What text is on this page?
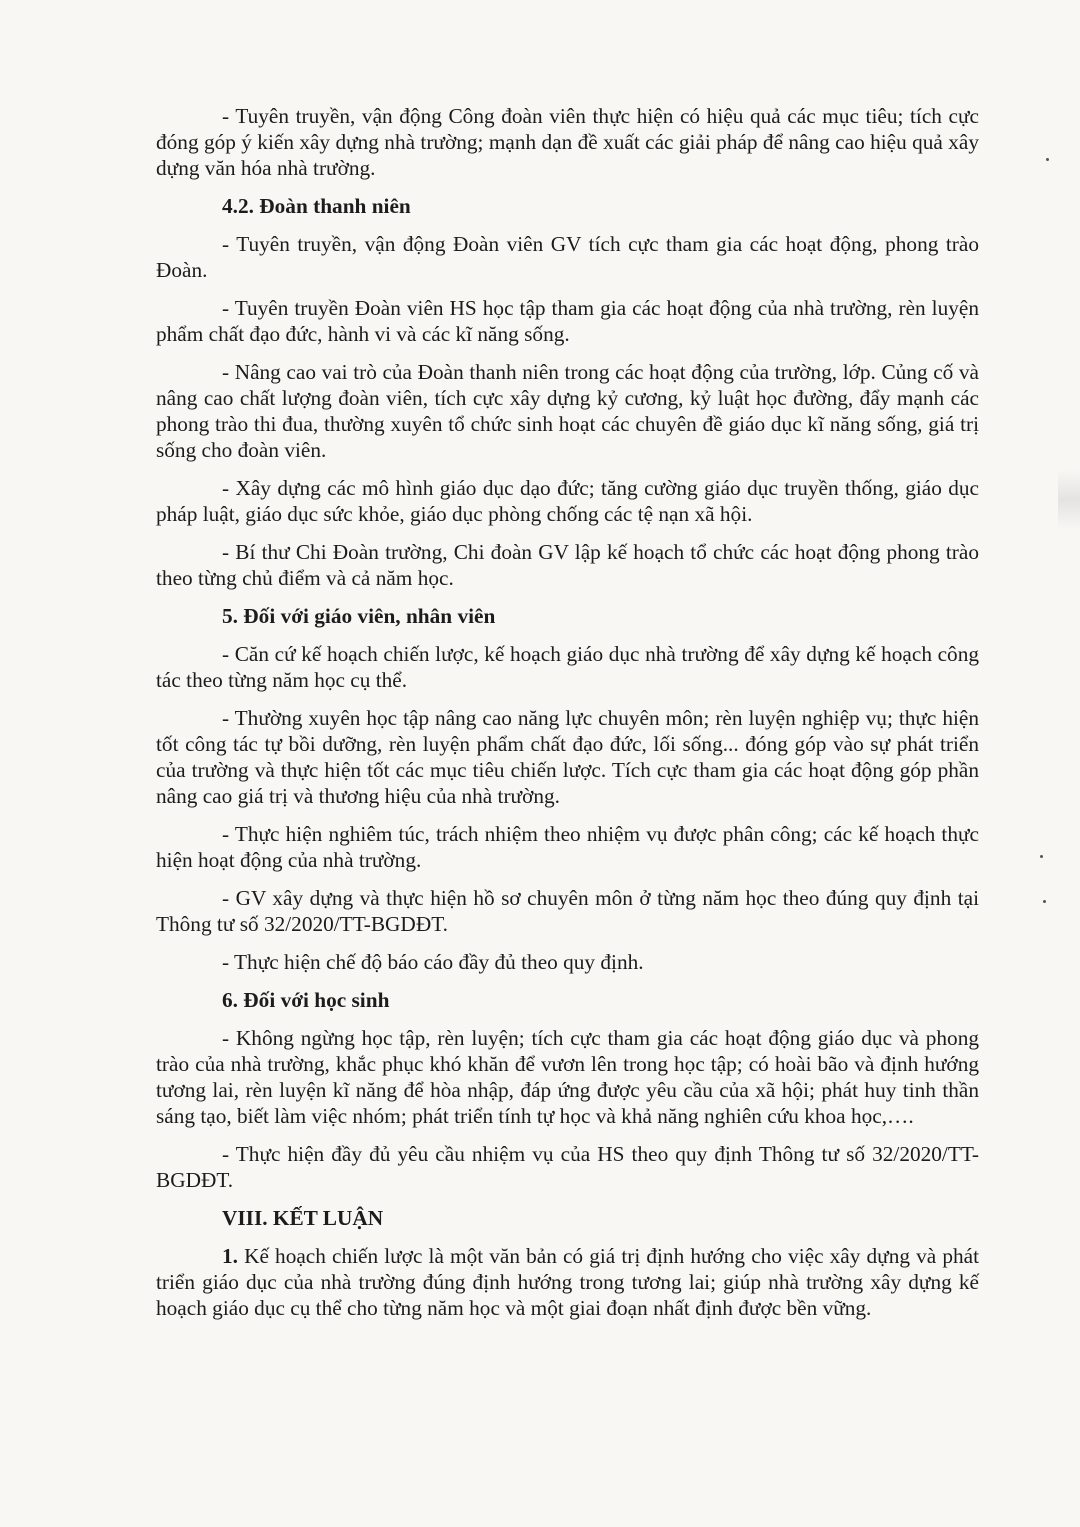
- Tuyên truyền, vận động Công đoàn viên thực hiện có hiệu quả các mục tiêu; tích cực đóng góp ý kiến xây dựng nhà trường; mạnh dạn đề xuất các giải pháp để nâng cao hiệu quả xây dựng văn hóa nhà trường.

4.2. Đoàn thanh niên

- Tuyên truyền, vận động Đoàn viên GV tích cực tham gia các hoạt động, phong trào Đoàn.

- Tuyên truyền Đoàn viên HS học tập tham gia các hoạt động của nhà trường, rèn luyện phẩm chất đạo đức, hành vi và các kĩ năng sống.

- Nâng cao vai trò của Đoàn thanh niên trong các hoạt động của trường, lớp. Củng cố và nâng cao chất lượng đoàn viên, tích cực xây dựng kỷ cương, kỷ luật học đường, đẩy mạnh các phong trào thi đua, thường xuyên tổ chức sinh hoạt các chuyên đề giáo dục kĩ năng sống, giá trị sống cho đoàn viên.

- Xây dựng các mô hình giáo dục dạo đức; tăng cường giáo dục truyền thống, giáo dục pháp luật, giáo dục sức khỏe, giáo dục phòng chống các tệ nạn xã hội.

- Bí thư Chi Đoàn trường, Chi đoàn GV lập kế hoạch tổ chức các hoạt động phong trào theo từng chủ điểm và cả năm học.

5. Đối với giáo viên, nhân viên

- Căn cứ kế hoạch chiến lược, kế hoạch giáo dục nhà trường để xây dựng kế hoạch công tác theo từng năm học cụ thể.

- Thường xuyên học tập nâng cao năng lực chuyên môn; rèn luyện nghiệp vụ; thực hiện tốt công tác tự bồi dưỡng, rèn luyện phẩm chất đạo đức, lối sống... đóng góp vào sự phát triển của trường và thực hiện tốt các mục tiêu chiến lược. Tích cực tham gia các hoạt động góp phần nâng cao giá trị và thương hiệu của nhà trường.

- Thực hiện nghiêm túc, trách nhiệm theo nhiệm vụ được phân công; các kế hoạch thực hiện hoạt động của nhà trường.

- GV xây dựng và thực hiện hồ sơ chuyên môn ở từng năm học theo đúng quy định tại Thông tư số 32/2020/TT-BGDĐT.

- Thực hiện chế độ báo cáo đầy đủ theo quy định.

6. Đối với học sinh

- Không ngừng học tập, rèn luyện; tích cực tham gia các hoạt động giáo dục và phong trào của nhà trường, khắc phục khó khăn để vươn lên trong học tập; có hoài bão và định hướng tương lai, rèn luyện kĩ năng để hòa nhập, đáp ứng được yêu cầu của xã hội; phát huy tinh thần sáng tạo, biết làm việc nhóm; phát triển tính tự học và khả năng nghiên cứu khoa học,….

- Thực hiện đầy đủ yêu cầu nhiệm vụ của HS theo quy định Thông tư số 32/2020/TT- BGDĐT.

VIII. KẾT LUẬN

1. Kế hoạch chiến lược là một văn bản có giá trị định hướng cho việc xây dựng và phát triển giáo dục của nhà trường đúng định hướng trong tương lai; giúp nhà trường xây dựng kế hoạch giáo dục cụ thể cho từng năm học và một giai đoạn nhất định được bền vững.
